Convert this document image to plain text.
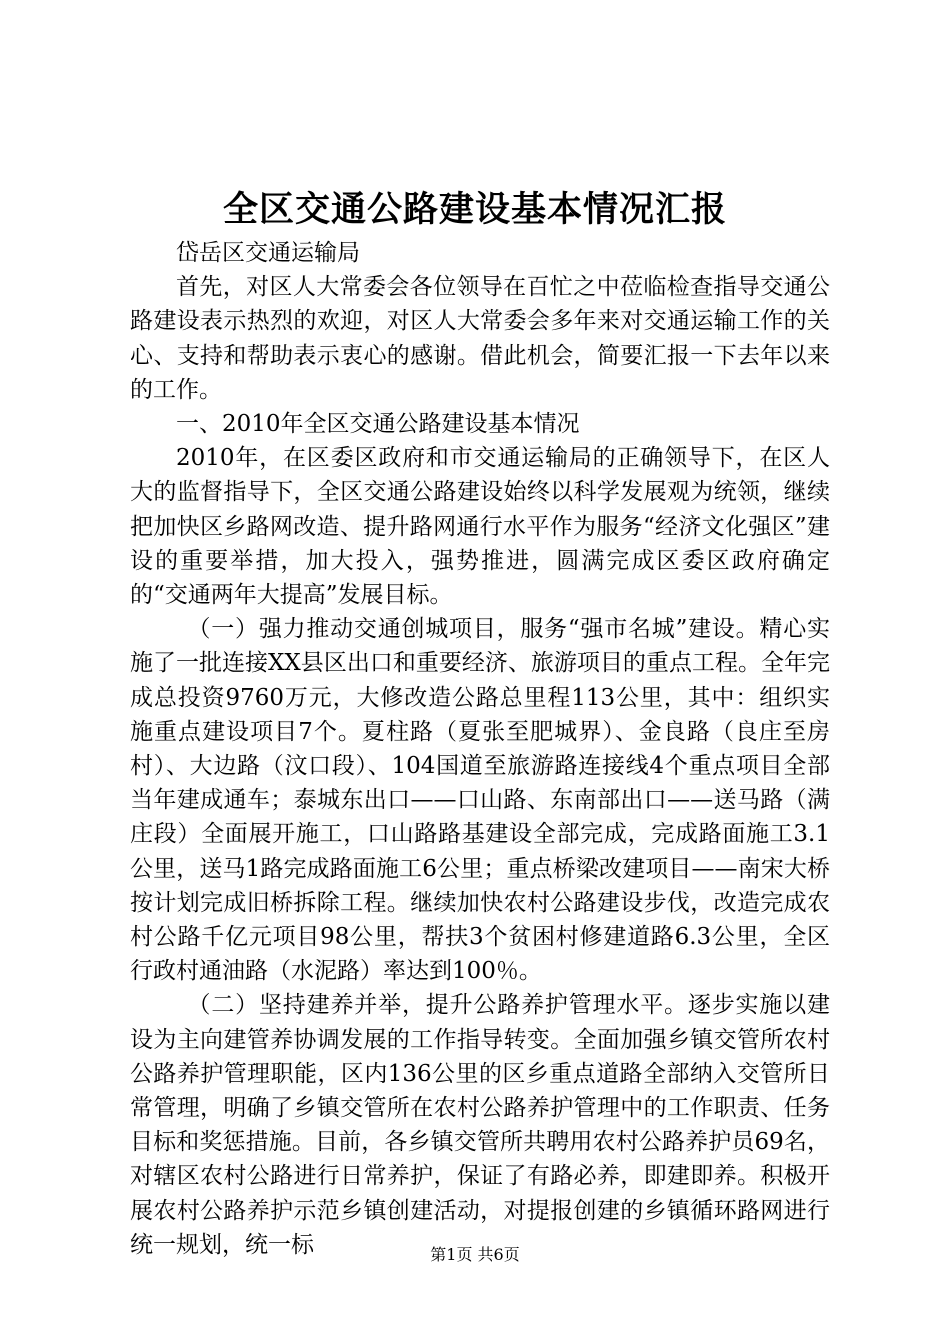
全区交通公路建设基本情况汇报

岱岳区交通运输局

首先，对区人大常委会各位领导在百忙之中莅临检查指导交通公路建设表示热烈的欢迎，对区人大常委会多年来对交通运输工作的关心、支持和帮助表示衷心的感谢。借此机会，简要汇报一下去年以来的工作。

一、2010年全区交通公路建设基本情况

2010年，在区委区政府和市交通运输局的正确领导下，在区人大的监督指导下，全区交通公路建设始终以科学发展观为统领，继续把加快区乡路网改造、提升路网通行水平作为服务“经济文化强区”建设的重要举措，加大投入，强势推进，圆满完成区委区政府确定的“交通两年大提高”发展目标。

（一）强力推动交通创城项目，服务“强市名城”建设。精心实施了一批连接XX县区出口和重要经济、旅游项目的重点工程。全年完成总投资9760万元，大修改造公路总里程113公里，其中：组织实施重点建设项目7个。夏柱路（夏张至肥城界）、金良路（良庄至房村）、大边路（汶口段）、104国道至旅游路连接线4个重点项目全部当年建成通车；泰城东出口——口山路、东南部出口——送马路（满庄段）全面展开施工，口山路路基建设全部完成，完成路面施工3.1公里，送马1路完成路面施工6公里；重点桥梁改建项目——南宋大桥按计划完成旧桥拆除工程。继续加快农村公路建设步伐，改造完成农村公路千亿元项目98公里，帮扶3个贫困村修建道路6.3公里，全区行政村通油路（水泥路）率达到100％。

（二）坚持建养并举，提升公路养护管理水平。逐步实施以建设为主向建管养协调发展的工作指导转变。全面加强乡镇交管所农村公路养护管理职能，区内136公里的区乡重点道路全部纳入交管所日常管理，明确了乡镇交管所在农村公路养护管理中的工作职责、任务目标和奖惩措施。目前，各乡镇交管所共聘用农村公路养护员69名，对辖区农村公路进行日常养护，保证了有路必养，即建即养。积极开展农村公路养护示范乡镇创建活动，对提报创建的乡镇循环路网进行统一规划，统一标	第1页 共6页
